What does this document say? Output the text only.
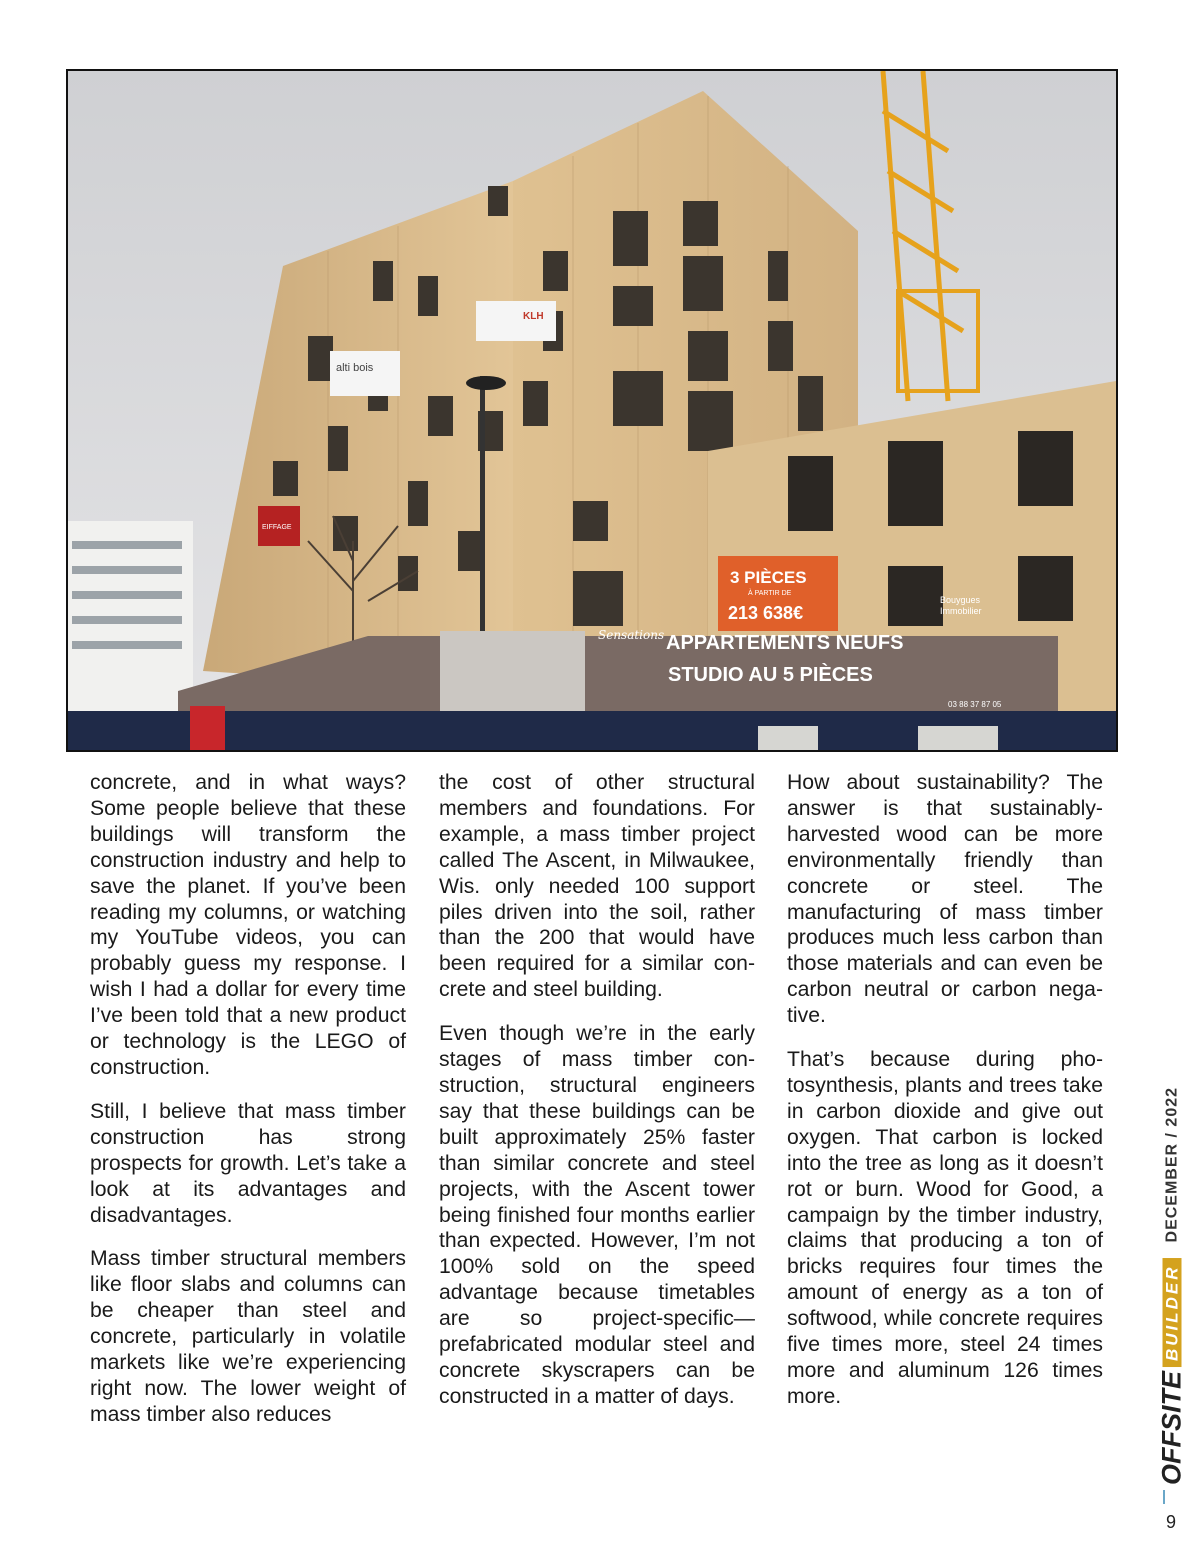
EIFFAGE
alti bois
KLH
3 PIÈCES
À PARTIR DE
213 638€
APPARTEMENTS NEUFS
STUDIO AU 5 PIÈCES
Sensations
Bouygues
Immobilier
03 88 37 87 05

concrete, and in what ways? Some people believe that these buildings will transform the construction industry and help to save the planet. If you’ve been reading my columns, or watching my YouTube videos, you can probably guess my response. I wish I had a dollar for every time I’ve been told that a new product or technology is the LEGO of construction.

Still, I believe that mass timber construction has strong prospects for growth. Let’s take a look at its advantages and disadvantages.

Mass timber structural members like floor slabs and columns can be cheaper than steel and concrete, particularly in volatile markets like we’re experiencing right now. The lower weight of mass timber also reduces

the cost of other structural members and foundations. For example, a mass timber project called The Ascent, in Milwaukee, Wis. only needed 100 support piles driven into the soil, rather than the 200 that would have been required for a similar concrete and steel building.

Even though we’re in the early stages of mass timber construction, structural engineers say that these buildings can be built approximately 25% faster than similar concrete and steel projects, with the Ascent tower being finished four months earlier than expected. However, I’m not 100% sold on the speed advantage because timetables are so project-specific—prefabricated modular steel and concrete skyscrapers can be constructed in a matter of days.

How about sustainability? The answer is that sustainably-harvested wood can be more environmentally friendly than concrete or steel. The manufacturing of mass timber produces much less carbon than those materials and can even be carbon neutral or carbon negative.

That’s because during photosynthesis, plants and trees take in carbon dioxide and give out oxygen. That carbon is locked into the tree as long as it doesn’t rot or burn. Wood for Good, a campaign by the timber industry, claims that producing a ton of bricks requires four times the amount of energy as a ton of softwood, while concrete requires five times more, steel 24 times more and aluminum 126 times more.	OFFSITEBUILDERDECEMBER / 2022
9
